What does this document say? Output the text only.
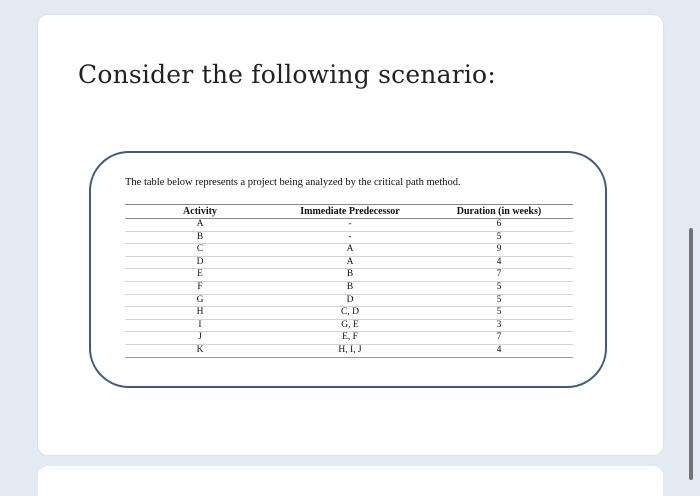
Consider the following scenario:
The table below represents a project being analyzed by the critical path method.
Activity	Immediate Predecessor	Duration (in weeks)
A	-	6
B	-	5
C	A	9
D	A	4
E	B	7
F	B	5
G	D	5
H	C, D	5
I	G, E	3
J	E, F	7
K	H, I, J	4
